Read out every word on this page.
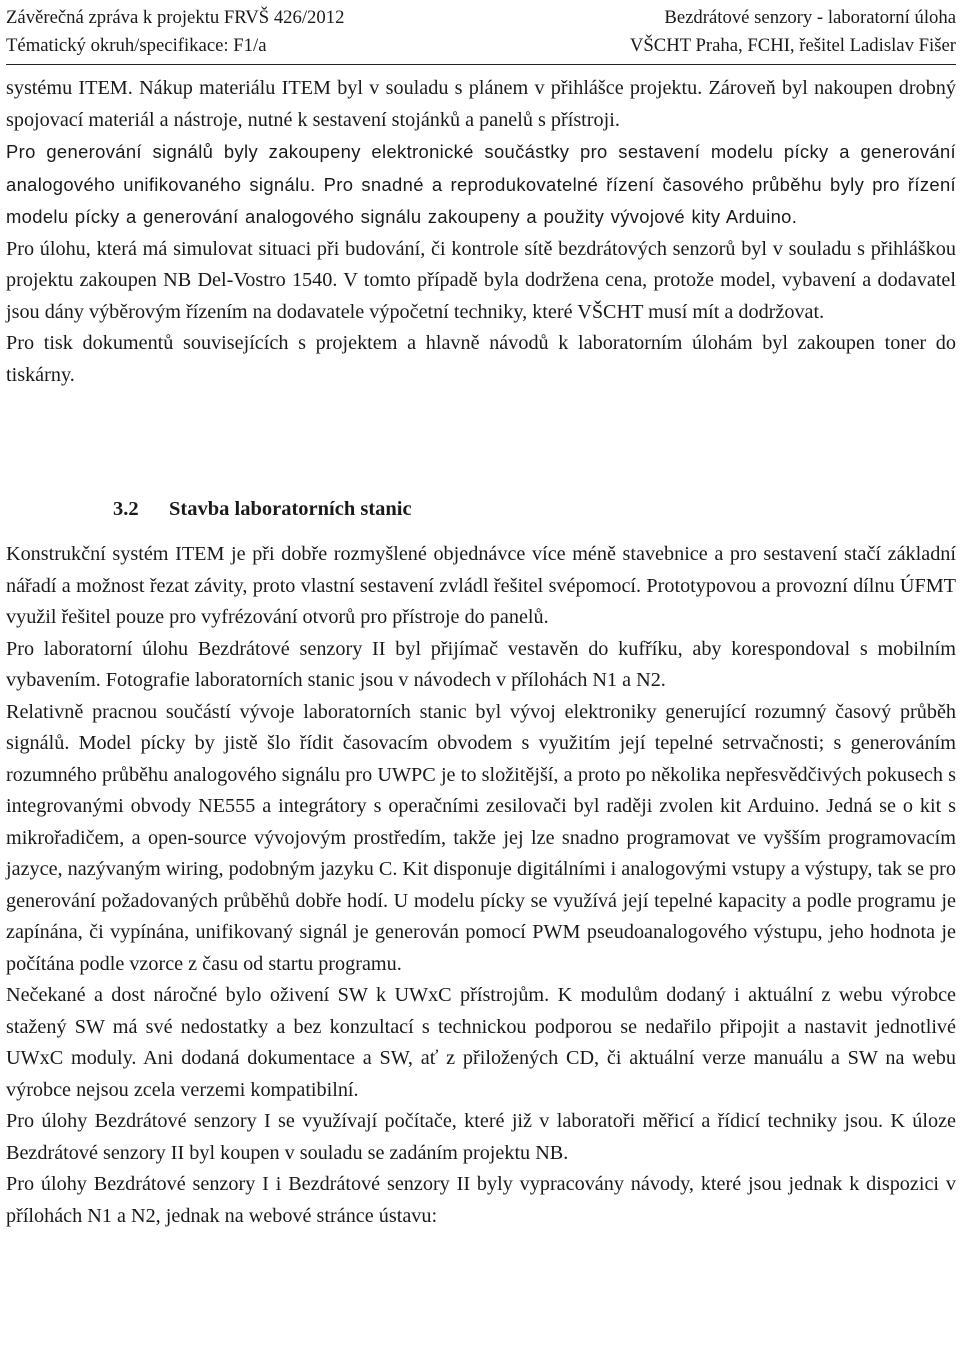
Závěrečná zpráva k projektu FRVŠ 426/2012	Bezdrátové senzory - laboratorní úloha
Tématický okruh/specifikace: F1/a	VŠCHT Praha, FCHI, řešitel Ladislav Fišer

systému ITEM. Nákup materiálu ITEM byl v souladu s plánem v přihlášce projektu. Zároveň byl nakoupen drobný spojovací materiál a nástroje, nutné k sestavení stojánků a panelů s přístroji.

Pro generování signálů byly zakoupeny elektronické součástky pro sestavení modelu pícky a generování analogového unifikovaného signálu. Pro snadné a reprodukovatelné řízení časového průběhu byly pro řízení modelu pícky a generování analogového signálu zakoupeny a použity vývojové kity Arduino.

Pro úlohu, která má simulovat situaci při budování, či kontrole sítě bezdrátových senzorů byl v souladu s přihláškou projektu zakoupen NB Del-Vostro 1540. V tomto případě byla dodržena cena, protože model, vybavení a dodavatel jsou dány výběrovým řízením na dodavatele výpočetní techniky, které VŠCHT musí mít a dodržovat.

Pro tisk dokumentů souvisejících s projektem a hlavně návodů k laboratorním úlohám byl zakoupen toner do tiskárny.

3.2 Stavba laboratorních stanic

Konstrukční systém ITEM je při dobře rozmyšlené objednávce více méně stavebnice a pro sestavení stačí základní nářadí a možnost řezat závity, proto vlastní sestavení zvládl řešitel svépomocí. Prototypovou a provozní dílnu ÚFMT využil řešitel pouze pro vyfrézování otvorů pro přístroje do panelů.

Pro laboratorní úlohu Bezdrátové senzory II byl přijímač vestavěn do kufříku, aby korespondoval s mobilním vybavením. Fotografie laboratorních stanic jsou v návodech v přílohách N1 a N2.

Relativně pracnou součástí vývoje laboratorních stanic byl vývoj elektroniky generující rozumný časový průběh signálů. Model pícky by jistě šlo řídit časovacím obvodem s využitím její tepelné setrvačnosti; s generováním rozumného průběhu analogového signálu pro UWPC je to složitější, a proto po několika nepřesvědčivých pokusech s integrovanými obvody NE555 a integrátory s operačními zesilovači byl raději zvolen kit Arduino. Jedná se o kit s mikrořadičem, a open-source vývojovým prostředím, takže jej lze snadno programovat ve vyšším programovacím jazyce, nazývaným wiring, podobným jazyku C. Kit disponuje digitálními i analogovými vstupy a výstupy, tak se pro generování požadovaných průběhů dobře hodí. U modelu pícky se využívá její tepelné kapacity a podle programu je zapínána, či vypínána, unifikovaný signál je generován pomocí PWM pseudoanalogového výstupu, jeho hodnota je počítána podle vzorce z času od startu programu.

Nečekané a dost náročné bylo oživení SW k UWxC přístrojům. K modulům dodaný i aktuální z webu výrobce stažený SW má své nedostatky a bez konzultací s technickou podporou se nedařilo připojit a nastavit jednotlivé UWxC moduly. Ani dodaná dokumentace a SW, ať z přiložených CD, či aktuální verze manuálu a SW na webu výrobce nejsou zcela verzemi kompatibilní.

Pro úlohy Bezdrátové senzory I se využívají počítače, které již v laboratoři měřicí a řídicí techniky jsou. K úloze Bezdrátové senzory II byl koupen v souladu se zadáním projektu NB.

Pro úlohy Bezdrátové senzory I i Bezdrátové senzory II byly vypracovány návody, které jsou jednak k dispozici v přílohách N1 a N2, jednak na webové stránce ústavu:
